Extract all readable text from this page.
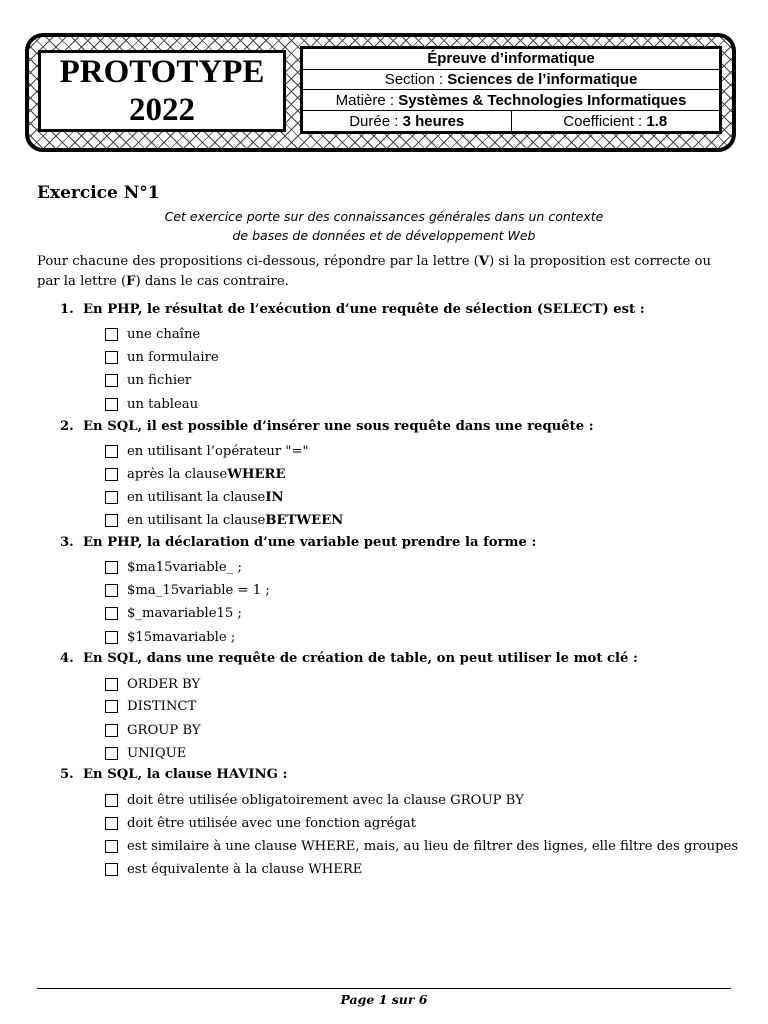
PROTOTYPE
2022
Épreuve d’informatique
Section : Sciences de l’informatique
Matière : Systèmes & Technologies Informatiques
Durée : 3 heures	Coefficient : 1.8
Exercice N°1
Cet exercice porte sur des connaissances générales dans un contexte
de bases de données et de développement Web
Pour chacune des propositions ci-dessous, répondre par la lettre (V) si la proposition est correcte ou par la lettre (F) dans le cas contraire.
1. En PHP, le résultat de l’exécution d’une requête de sélection (SELECT) est :
une chaîne
un formulaire
un fichier
un tableau
2. En SQL, il est possible d’insérer une sous requête dans une requête :
en utilisant l’opérateur "="
après la clause WHERE
en utilisant la clause IN
en utilisant la clause BETWEEN
3. En PHP, la déclaration d’une variable peut prendre la forme :
$ma15variable_ ;
$ma_15variable = 1 ;
$_mavariable15 ;
$15mavariable ;
4. En SQL, dans une requête de création de table, on peut utiliser le mot clé :
ORDER BY
DISTINCT
GROUP BY
UNIQUE
5. En SQL, la clause HAVING :
doit être utilisée obligatoirement avec la clause GROUP BY
doit être utilisée avec une fonction agrégat
est similaire à une clause WHERE, mais, au lieu de filtrer des lignes, elle filtre des groupes
est équivalente à la clause WHERE
Page 1 sur 6
